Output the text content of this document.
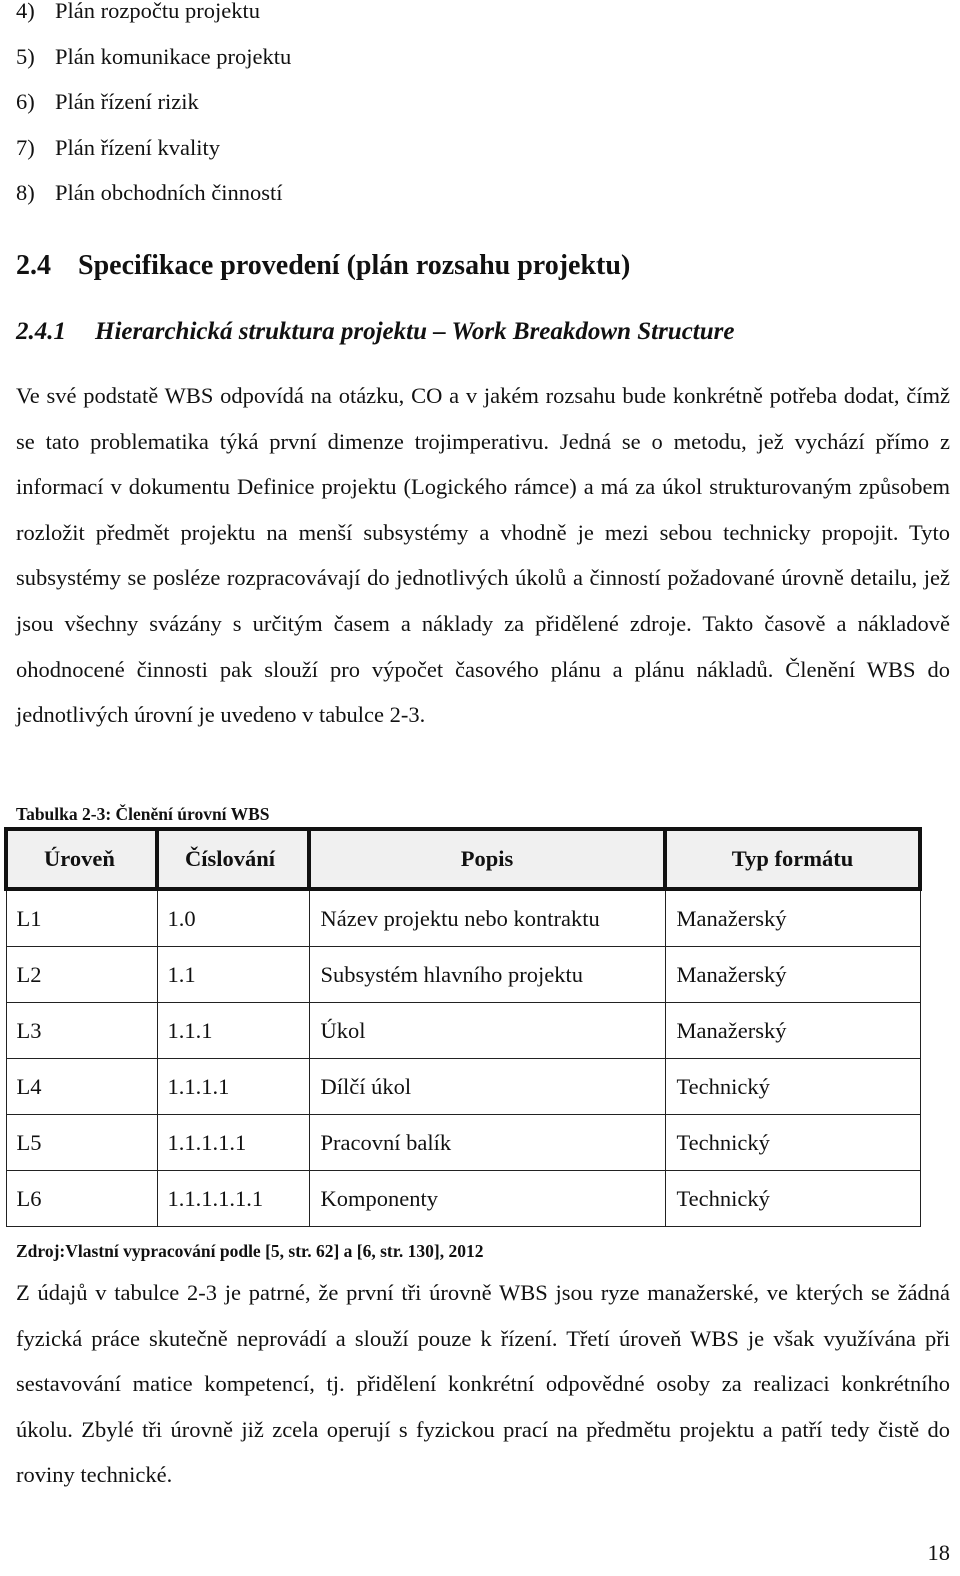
4) Plán rozpočtu projektu
5) Plán komunikace projektu
6) Plán řízení rizik
7) Plán řízení kvality
8) Plán obchodních činností
2.4 Specifikace provedení (plán rozsahu projektu)
2.4.1 Hierarchická struktura projektu – Work Breakdown Structure

Ve své podstatě WBS odpovídá na otázku, CO a v jakém rozsahu bude konkrétně potřeba dodat, čímž se tato problematika týká první dimenze trojimperativu. Jedná se o metodu, jež vychází přímo z informací v dokumentu Definice projektu (Logického rámce) a má za úkol strukturovaným způsobem rozložit předmět projektu na menší subsystémy a vhodně je mezi sebou technicky propojit. Tyto subsystémy se posléze rozpracovávají do jednotlivých úkolů a činností požadované úrovně detailu, jež jsou všechny svázány s určitým časem a náklady za přidělené zdroje. Takto časově a nákladově ohodnocené činnosti pak slouží pro výpočet časového plánu a plánu nákladů. Členění WBS do jednotlivých úrovní je uvedeno v tabulce 2-3.

Tabulka 2-3: Členění úrovní WBS

Úroveň	Číslování	Popis	Typ formátu
L1	1.0	Název projektu nebo kontraktu	Manažerský
L2	1.1	Subsystém hlavního projektu	Manažerský
L3	1.1.1	Úkol	Manažerský
L4	1.1.1.1	Dílčí úkol	Technický
L5	1.1.1.1.1	Pracovní balík	Technický
L6	1.1.1.1.1.1	Komponenty	Technický

Zdroj:Vlastní vypracování podle [5, str. 62] a [6, str. 130], 2012

Z údajů v tabulce 2-3 je patrné, že první tři úrovně WBS jsou ryze manažerské, ve kterých se žádná fyzická práce skutečně neprovádí a slouží pouze k řízení. Třetí úroveň WBS je však využívána při sestavování matice kompetencí, tj. přidělení konkrétní odpovědné osoby za realizaci konkrétního úkolu. Zbylé tři úrovně již zcela operují s fyzickou prací na předmětu projektu a patří tedy čistě do roviny technické.

18
